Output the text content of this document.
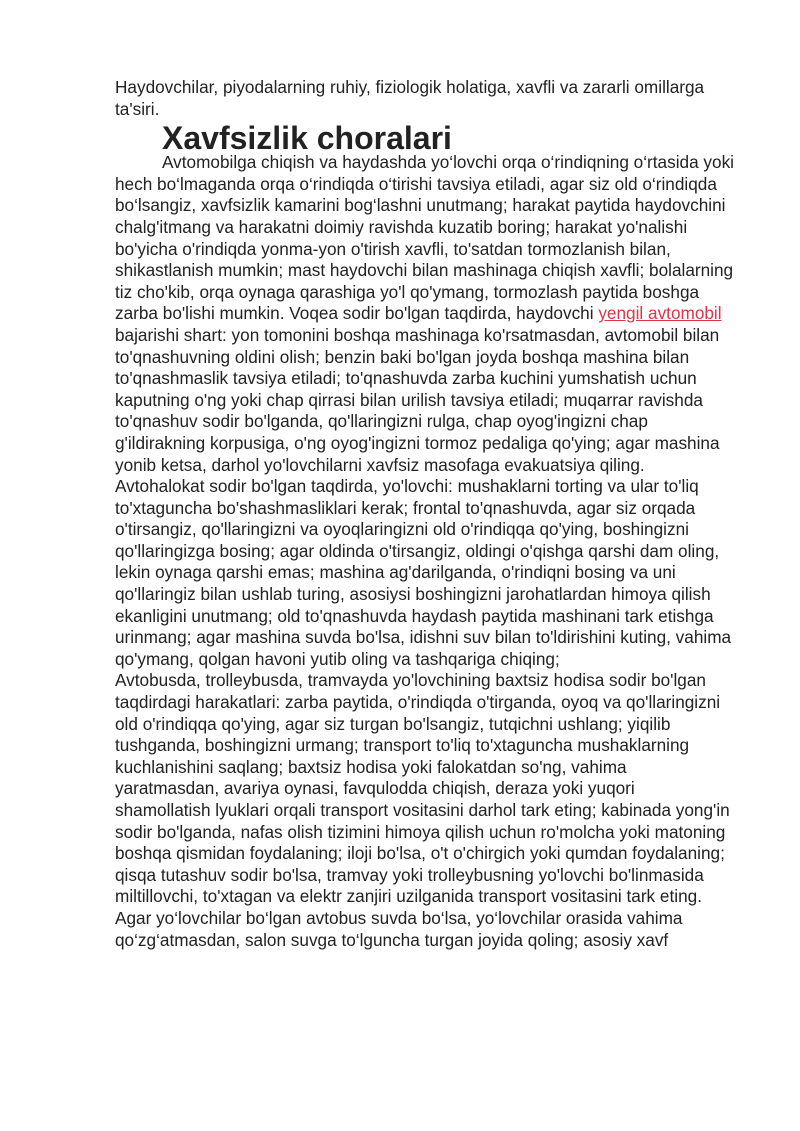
Haydovchilar, piyodalarning ruhiy, fiziologik holatiga, xavfli va zararli omillarga ta'siri.

Xavfsizlik choralari

Avtomobilga chiqish va haydashda yo‘lovchi orqa o‘rindiqning o‘rtasida yoki hech bo‘lmaganda orqa o‘rindiqda o‘tirishi tavsiya etiladi, agar siz old o‘rindiqda bo‘lsangiz, xavfsizlik kamarini bog‘lashni unutmang; harakat paytida haydovchini chalg'itmang va harakatni doimiy ravishda kuzatib boring; harakat yo'nalishi bo'yicha o'rindiqda yonma-yon o'tirish xavfli, to'satdan tormozlanish bilan, shikastlanish mumkin; mast haydovchi bilan mashinaga chiqish xavfli; bolalarning tiz cho'kib, orqa oynaga qarashiga yo'l qo'ymang, tormozlash paytida boshga zarba bo'lishi mumkin. Voqea sodir bo'lgan taqdirda, haydovchi yengil avtomobil bajarishi shart: yon tomonini boshqa mashinaga ko'rsatmasdan, avtomobil bilan to'qnashuvning oldini olish; benzin baki bo'lgan joyda boshqa mashina bilan to'qnashmaslik tavsiya etiladi; to'qnashuvda zarba kuchini yumshatish uchun kaputning o'ng yoki chap qirrasi bilan urilish tavsiya etiladi; muqarrar ravishda to'qnashuv sodir bo'lganda, qo'llaringizni rulga, chap oyog'ingizni chap g'ildirakning korpusiga, o'ng oyog'ingizni tormoz pedaliga qo'ying; agar mashina yonib ketsa, darhol yo'lovchilarni xavfsiz masofaga evakuatsiya qiling.

Avtohalokat sodir bo'lgan taqdirda, yo'lovchi: mushaklarni torting va ular to'liq to'xtaguncha bo'shashmasliklari kerak; frontal to'qnashuvda, agar siz orqada o'tirsangiz, qo'llaringizni va oyoqlaringizni old o'rindiqqa qo'ying, boshingizni qo'llaringizga bosing; agar oldinda o'tirsangiz, oldingi o'qishga qarshi dam oling, lekin oynaga qarshi emas; mashina ag'darilganda, o'rindiqni bosing va uni qo'llaringiz bilan ushlab turing, asosiysi boshingizni jarohatlardan himoya qilish ekanligini unutmang; old to'qnashuvda haydash paytida mashinani tark etishga urinmang; agar mashina suvda bo'lsa, idishni suv bilan to'ldirishini kuting, vahima qo'ymang, qolgan havoni yutib oling va tashqariga chiqing;

Avtobusda, trolleybusda, tramvayda yo'lovchining baxtsiz hodisa sodir bo'lgan taqdirdagi harakatlari: zarba paytida, o'rindiqda o'tirganda, oyoq va qo'llaringizni old o'rindiqqa qo'ying, agar siz turgan bo'lsangiz, tutqichni ushlang; yiqilib tushganda, boshingizni urmang; transport to'liq to'xtaguncha mushaklarning kuchlanishini saqlang; baxtsiz hodisa yoki falokatdan so'ng, vahima yaratmasdan, avariya oynasi, favqulodda chiqish, deraza yoki yuqori shamollatish lyuklari orqali transport vositasini darhol tark eting; kabinada yong'in sodir bo'lganda, nafas olish tizimini himoya qilish uchun ro'molcha yoki matoning boshqa qismidan foydalaning; iloji bo'lsa, o't o'chirgich yoki qumdan foydalaning; qisqa tutashuv sodir bo'lsa, tramvay yoki trolleybusning yo'lovchi bo'linmasida miltillovchi, to'xtagan va elektr zanjiri uzilganida transport vositasini tark eting.

Agar yo‘lovchilar bo‘lgan avtobus suvda bo‘lsa, yo‘lovchilar orasida vahima qo‘zg‘atmasdan, salon suvga to‘lguncha turgan joyida qoling; asosiy xavf
